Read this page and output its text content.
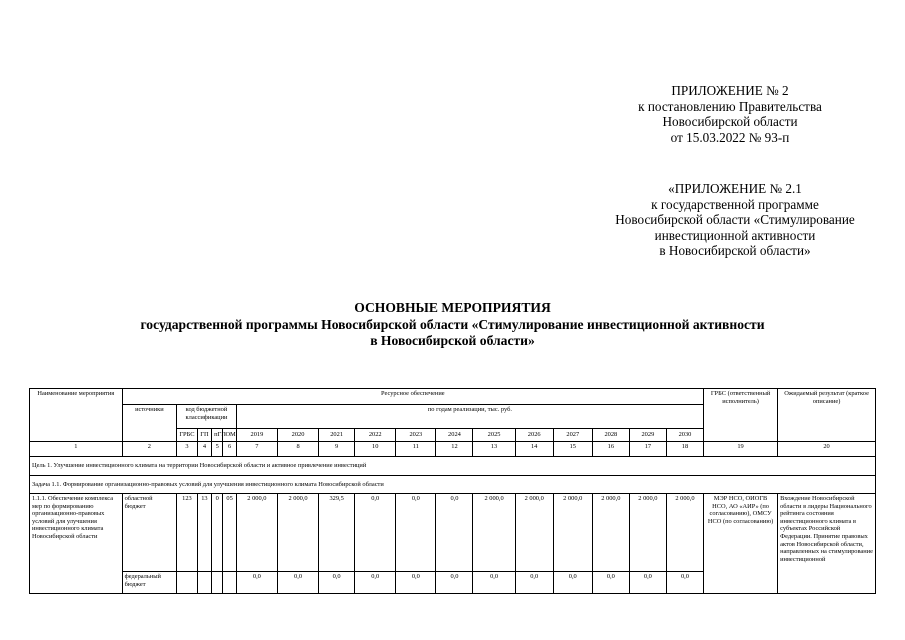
ПРИЛОЖЕНИЕ № 2
к постановлению Правительства
Новосибирской области
от 15.03.2022 № 93-п
«ПРИЛОЖЕНИЕ № 2.1
к государственной программе
Новосибирской области «Стимулирование
инвестиционной активности
в Новосибирской области»
ОСНОВНЫЕ МЕРОПРИЯТИЯ
государственной программы Новосибирской области «Стимулирование инвестиционной активности
в Новосибирской области»
Наименование мероприятия	Ресурсное обеспечение																	ГРБС (ответственный исполнитель)	Ожидаемый результат (краткое описание)
	источники	код бюджетной классификации				по годам реализации, тыс. руб.													
		ГРБС	ГП	пГП	ОМ	2019	2020	2021	2022	2023	2024	2025	2026	2027	2028	2029	2030		
1	2	3	4	5	6	7	8	9	10	11	12	13	14	15	16	17	18	19	20
Цель 1. Улучшение инвестиционного климата на территории Новосибирской области и активное привлечение инвестиций																			
Задача 1.1. Формирование организационно-правовых условий для улучшения инвестиционного климата Новосибирской области																			
1.1.1. Обеспечение комплекса мер по формированию организационно-правовых условий для улучшения инвестиционного климата Новосибирской области	областной бюджет	123	13	0	05	2 000,0	2 000,0	329,5	0,0	0,0	0,0	2 000,0	2 000,0	2 000,0	2 000,0	2 000,0	2 000,0	МЭР НСО, ОИОГВ НСО, АО «АИР» (по согласованию), ОМСУ НСО (по согласованию)	Вхождение Новосибирской области в лидеры Национального рейтинга состояния инвестиционного климата в субъектах Российской Федерации. Принятие правовых актов Новосибирской области, направленных на стимулирование инвестиционной
	федеральный бюджет					0,0	0,0	0,0	0,0	0,0	0,0	0,0	0,0	0,0	0,0	0,0	0,0		
